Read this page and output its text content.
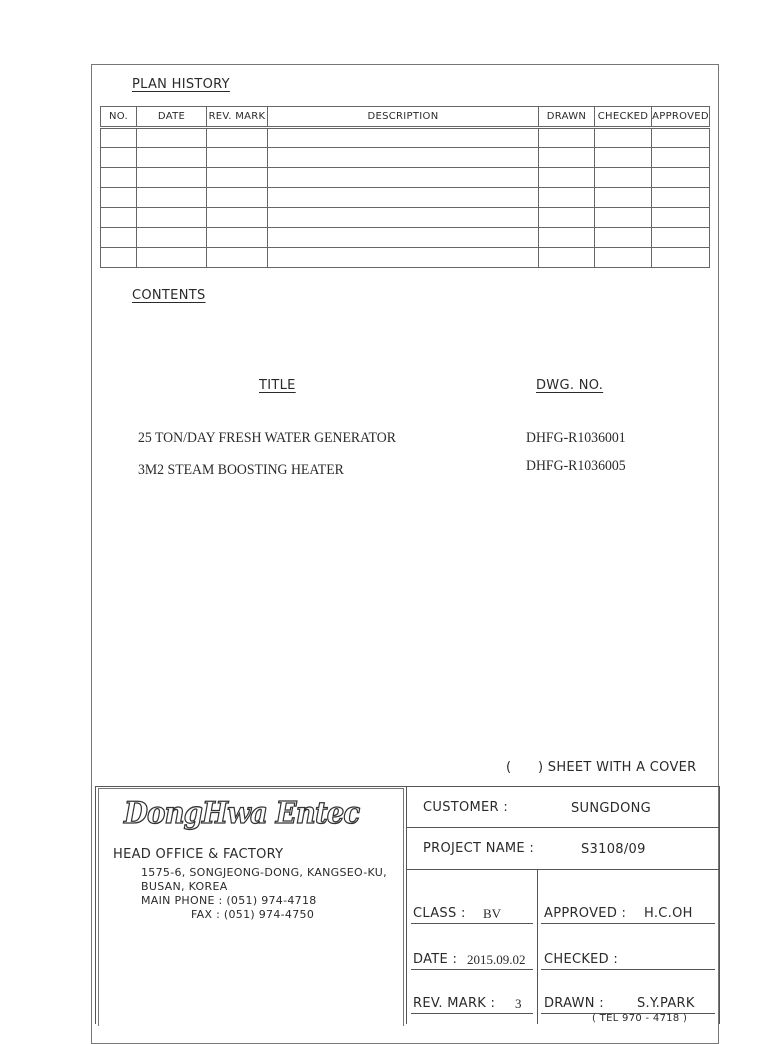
PLAN HISTORY
NO.	DATE	REV. MARK	DESCRIPTION	DRAWN	CHECKED	APPROVED

CONTENTS
TITLE	DWG. NO.
25 TON/DAY FRESH WATER GENERATOR	DHFG-R1036001
3M2 STEAM BOOSTING HEATER	DHFG-R1036005
(      ) SHEET WITH A COVER
DongHwa Entec
HEAD OFFICE & FACTORY
1575-6, SONGJEONG-DONG, KANGSEO-KU,
BUSAN, KOREA
MAIN PHONE : (051) 974-4718
FAX : (051) 974-4750
CUSTOMER :	SUNGDONG
PROJECT NAME :	S3108/09
CLASS : BV
DATE : 2015.09.02
REV. MARK : 3
APPROVED : H.C.OH
CHECKED :
DRAWN :	S.Y.PARK
( TEL 970 - 4718 )
